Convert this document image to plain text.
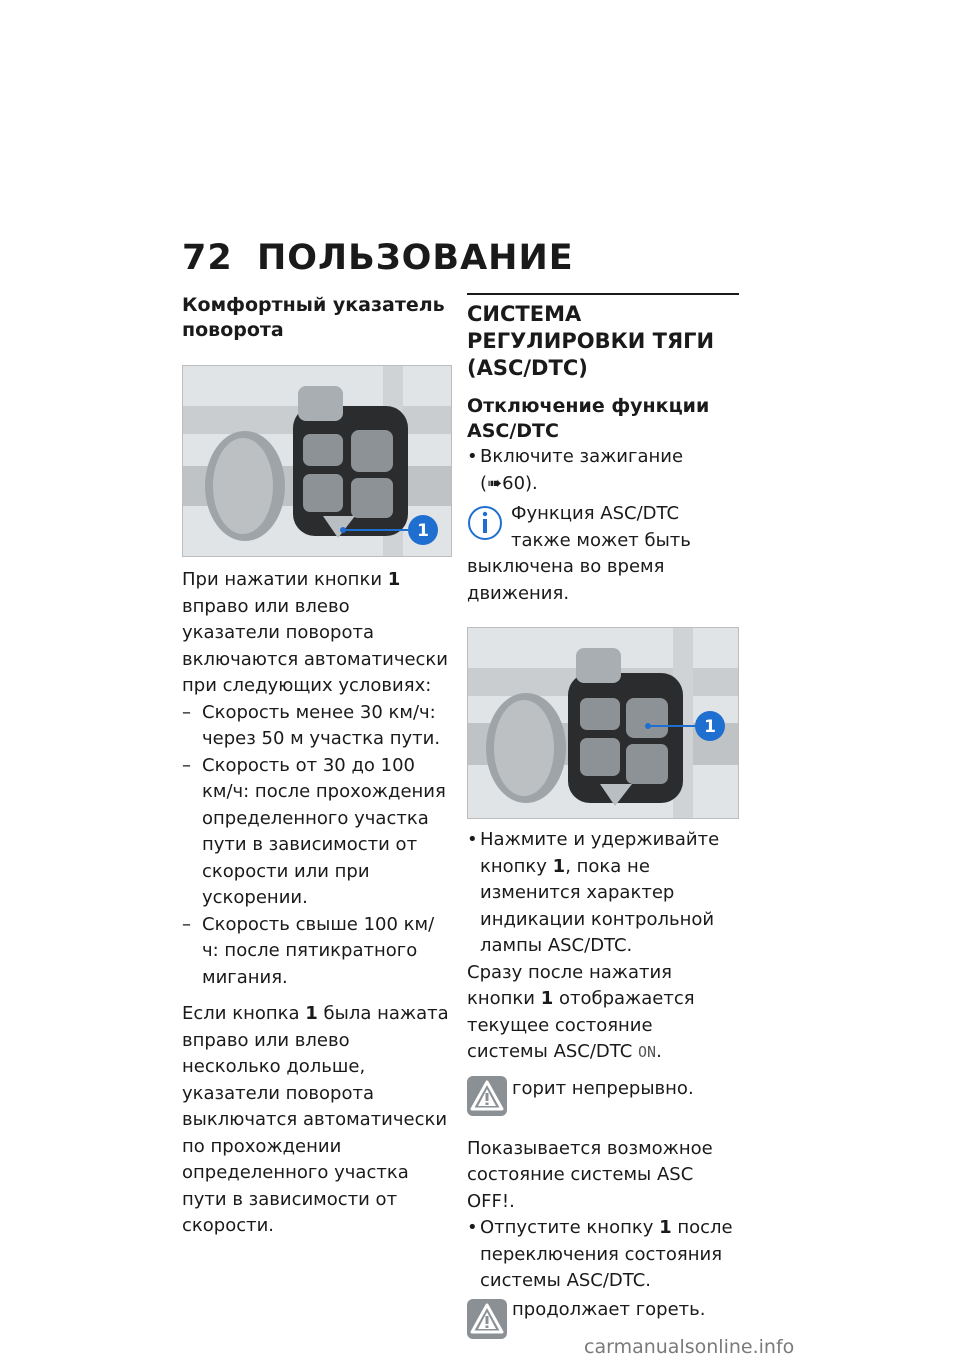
72 ПОЛЬЗОВАНИЕ
Комфортный указатель поворота
1

При нажатии кнопки 1 вправо или влево указатели поворота включаются автоматически при следующих условиях:

– Скорость менее 30 км/ч: через 50 м участка пути.

– Скорость от 30 до 100 км/ч: после прохождения определенного участка пути в зависимости от скорости или при ускорении.

– Скорость свыше 100 км/ч: после пятикратного мигания.

Если кнопка 1 была нажата вправо или влево несколько дольше, указатели поворота выключатся автоматически по прохождении определенного участка пути в зависимости от скорости.

СИСТЕМА РЕГУЛИРОВКИ ТЯГИ (ASC/DTC)
Отключение функции ASC/DTC

• Включите зажигание (➠60).

Функция ASC/DTC также может быть выключена во время движения.

1

• Нажмите и удерживайте кнопку 1, пока не изменится характер индикации контрольной лампы ASC/DTC.

Сразу после нажатия кнопки 1 отображается текущее состояние системы ASC/DTC ON.

горит непрерывно.

Показывается возможное состояние системы ASC OFF!.

• Отпустите кнопку 1 после переключения состояния системы ASC/DTC.

продолжает гореть.

carmanualsonline.info
